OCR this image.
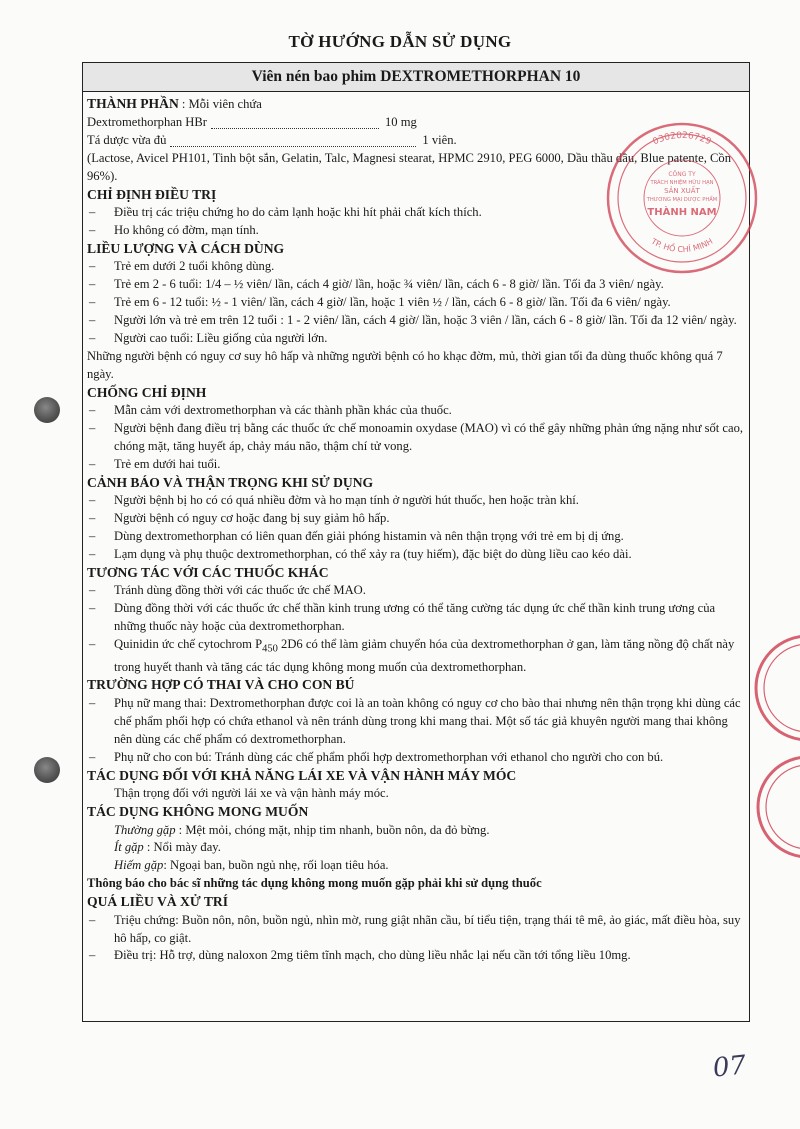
TỜ HƯỚNG DẪN SỬ DỤNG
Viên nén bao phim DEXTROMETHORPHAN 10
THÀNH PHẦN : Mỗi viên chứa
Dextromethorphan HBr	10 mg
Tá dược vừa đủ	1 viên.
(Lactose, Avicel PH101, Tinh bột sắn, Gelatin, Talc, Magnesi stearat, HPMC 2910, PEG 6000, Dầu thầu dầu, Blue patente, Cồn 96%).
CHỈ ĐỊNH ĐIỀU TRỊ
– Điều trị các triệu chứng ho do cảm lạnh hoặc khi hít phải chất kích thích.
– Ho không có đờm, mạn tính.
LIỀU LƯỢNG VÀ CÁCH DÙNG
– Trẻ em dưới 2 tuổi không dùng.
– Trẻ em 2 - 6 tuổi: 1/4 – ½ viên/ lần, cách 4 giờ/ lần, hoặc ¾ viên/ lần, cách 6 - 8 giờ/ lần. Tối đa 3 viên/ ngày.
– Trẻ em 6 - 12 tuổi: ½ - 1 viên/ lần, cách 4 giờ/ lần, hoặc 1 viên ½ / lần, cách 6 - 8 giờ/ lần. Tối đa 6 viên/ ngày.
– Người lớn và trẻ em trên 12 tuổi : 1 - 2 viên/ lần, cách 4 giờ/ lần, hoặc 3 viên / lần, cách 6 - 8 giờ/ lần. Tối đa 12 viên/ ngày.
– Người cao tuổi: Liều giống của người lớn.
Những người bệnh có nguy cơ suy hô hấp và những người bệnh có ho khạc đờm, mủ, thời gian tối đa dùng thuốc không quá 7 ngày.
CHỐNG CHỈ ĐỊNH
– Mẫn cảm với dextromethorphan và các thành phần khác của thuốc.
– Người bệnh đang điều trị bằng các thuốc ức chế monoamin oxydase (MAO) vì có thể gây những phản ứng nặng như sốt cao, chóng mặt, tăng huyết áp, chảy máu não, thậm chí tử vong.
– Trẻ em dưới hai tuổi.
CẢNH BÁO VÀ THẬN TRỌNG KHI SỬ DỤNG
– Người bệnh bị ho có có quá nhiều đờm và ho mạn tính ở người hút thuốc, hen hoặc tràn khí.
– Người bệnh có nguy cơ hoặc đang bị suy giảm hô hấp.
– Dùng dextromethorphan có liên quan đến giải phóng histamin và nên thận trọng với trẻ em bị dị ứng.
– Lạm dụng và phụ thuộc dextromethorphan, có thể xảy ra (tuy hiếm), đặc biệt do dùng liều cao kéo dài.
TƯƠNG TÁC VỚI CÁC THUỐC KHÁC
– Tránh dùng đồng thời với các thuốc ức chế MAO.
– Dùng đồng thời với các thuốc ức chế thần kinh trung ương có thể tăng cường tác dụng ức chế thần kinh trung ương của những thuốc này hoặc của dextromethorphan.
– Quinidin ức chế cytochrom $P_{450}$ 2D6 có thể làm giảm chuyển hóa của dextromethorphan ở gan, làm tăng nồng độ chất này trong huyết thanh và tăng các tác dụng không mong muốn của dextromethorphan.
TRƯỜNG HỢP CÓ THAI VÀ CHO CON BÚ
– Phụ nữ mang thai: Dextromethorphan được coi là an toàn không có nguy cơ cho bào thai nhưng nên thận trọng khi dùng các chế phẩm phối hợp có chứa ethanol và nên tránh dùng trong khi mang thai. Một số tác giả khuyên người mang thai không nên dùng các chế phẩm có dextromethorphan.
– Phụ nữ cho con bú: Tránh dùng các chế phẩm phối hợp dextromethorphan với ethanol cho người cho con bú.
TÁC DỤNG ĐỐI VỚI KHẢ NĂNG LÁI XE VÀ VẬN HÀNH MÁY MÓC
Thận trọng đối với người lái xe và vận hành máy móc.
TÁC DỤNG KHÔNG MONG MUỐN
Thường gặp : Mệt mỏi, chóng mặt, nhịp tim nhanh, buồn nôn, da đỏ bừng.
Ít gặp : Nổi mày đay.
Hiếm gặp: Ngoại ban, buồn ngủ nhẹ, rối loạn tiêu hóa.
Thông báo cho bác sĩ những tác dụng không mong muốn gặp phải khi sử dụng thuốc
QUÁ LIỀU VÀ XỬ TRÍ
– Triệu chứng: Buồn nôn, nôn, buồn ngủ, nhìn mờ, rung giật nhãn cầu, bí tiểu tiện, trạng thái tê mê, ảo giác, mất điều hòa, suy hô hấp, co giật.
– Điều trị: Hỗ trợ, dùng naloxon 2mg tiêm tĩnh mạch, cho dùng liều nhắc lại nếu cần tới tổng liều 10mg.
0302026729
TP. HỒ CHÍ MINH
CÔNG TY
TRÁCH NHIỆM HỮU HẠN
SẢN XUẤT
THƯƠNG MẠI DƯỢC PHẨM
THÀNH NAM
07
